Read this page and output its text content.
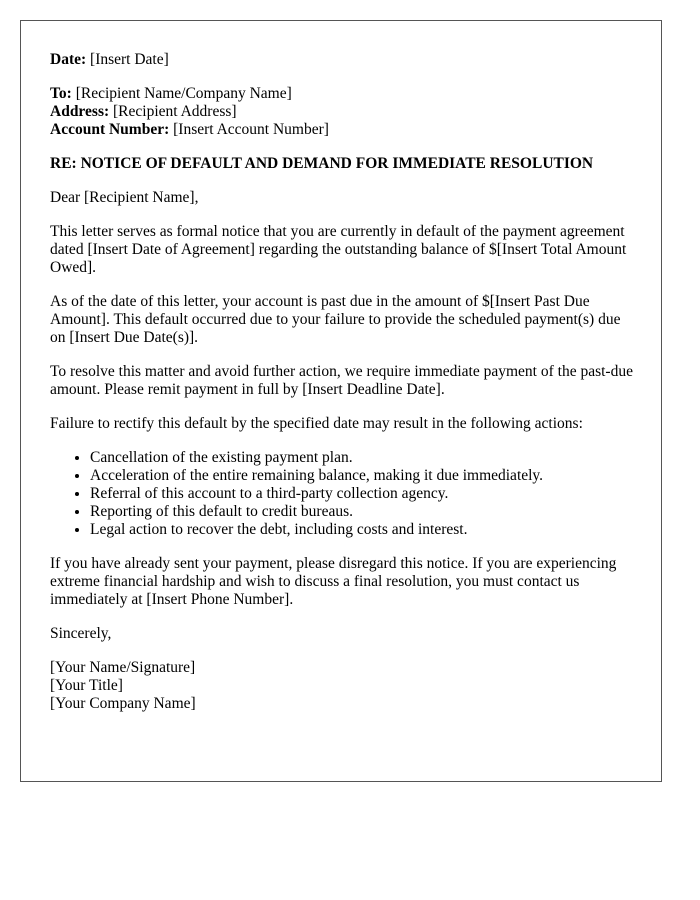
Date: [Insert Date]

To: [Recipient Name/Company Name]
Address: [Recipient Address]
Account Number: [Insert Account Number]

RE: NOTICE OF DEFAULT AND DEMAND FOR IMMEDIATE RESOLUTION

Dear [Recipient Name],

This letter serves as formal notice that you are currently in default of the payment agreement dated [Insert Date of Agreement] regarding the outstanding balance of $[Insert Total Amount Owed].

As of the date of this letter, your account is past due in the amount of $[Insert Past Due Amount]. This default occurred due to your failure to provide the scheduled payment(s) due on [Insert Due Date(s)].

To resolve this matter and avoid further action, we require immediate payment of the past-due amount. Please remit payment in full by [Insert Deadline Date].

Failure to rectify this default by the specified date may result in the following actions:

• Cancellation of the existing payment plan.
• Acceleration of the entire remaining balance, making it due immediately.
• Referral of this account to a third-party collection agency.
• Reporting of this default to credit bureaus.
• Legal action to recover the debt, including costs and interest.

If you have already sent your payment, please disregard this notice. If you are experiencing extreme financial hardship and wish to discuss a final resolution, you must contact us immediately at [Insert Phone Number].

Sincerely,

[Your Name/Signature]
[Your Title]
[Your Company Name]
